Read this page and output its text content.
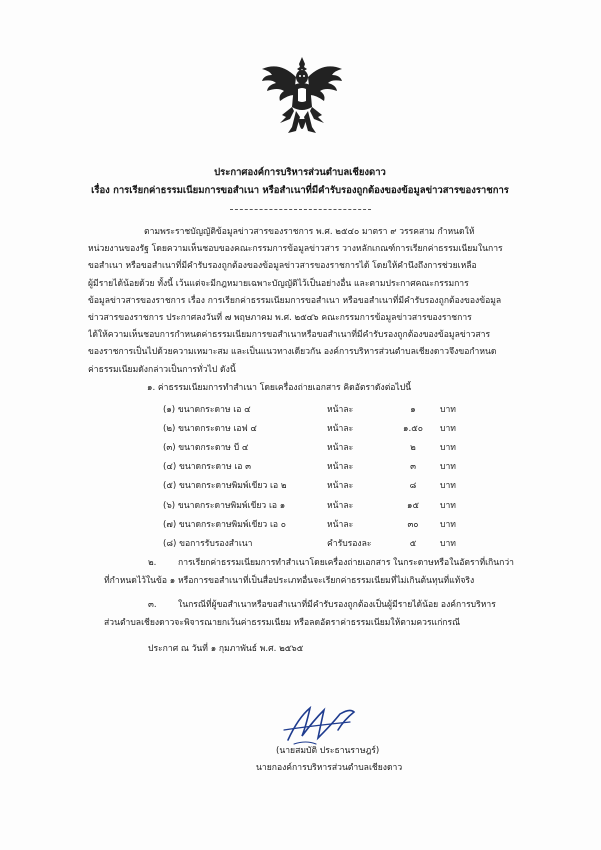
ประกาศองค์การบริหารส่วนตำบลเชียงดาว
เรื่อง การเรียกค่าธรรมเนียมการขอสำเนา หรือสำเนาที่มีคำรับรองถูกต้องของข้อมูลข่าวสารของราชการ
ตามพระราชบัญญัติข้อมูลข่าวสารของราชการ พ.ศ. ๒๕๔๐ มาตรา ๙ วรรคสาม กำหนดให้
หน่วยงานของรัฐ โดยความเห็นชอบของคณะกรรมการข้อมูลข่าวสาร วางหลักเกณฑ์การเรียกค่าธรรมเนียมในการ
ขอสำเนา หรือขอสำเนาที่มีคำรับรองถูกต้องของข้อมูลข่าวสารของราชการได้ โดยให้คำนึงถึงการช่วยเหลือ
ผู้มีรายได้น้อยด้วย ทั้งนี้ เว้นแต่จะมีกฎหมายเฉพาะบัญญัติไว้เป็นอย่างอื่น และตามประกาศคณะกรรมการ
ข้อมูลข่าวสารของราชการ เรื่อง การเรียกค่าธรรมเนียมการขอสำเนา หรือขอสำเนาที่มีคำรับรองถูกต้องของข้อมูล
ข่าวสารของราชการ ประกาศลงวันที่ ๗ พฤษภาคม พ.ศ. ๒๕๔๖ คณะกรรมการข้อมูลข่าวสารของราชการ
ได้ให้ความเห็นชอบการกำหนดค่าธรรมเนียมการขอสำเนาหรือขอสำเนาที่มีคำรับรองถูกต้องของข้อมูลข่าวสาร
ของราชการเป็นไปด้วยความเหมาะสม และเป็นแนวทางเดียวกัน องค์การบริหารส่วนตำบลเชียงดาวจึงขอกำหนด
ค่าธรรมเนียมดังกล่าวเป็นการทั่วไป ดังนี้
๑. ค่าธรรมเนียมการทำสำเนา โดยเครื่องถ่ายเอกสาร คิดอัตราดังต่อไปนี้
(๑) ขนาดกระดาษ เอ ๔	หน้าละ	๑	บาท
(๒) ขนาดกระดาษ เอฟ ๔	หน้าละ	๑.๕๐	บาท
(๓) ขนาดกระดาษ บี ๔	หน้าละ	๒	บาท
(๔) ขนาดกระดาษ เอ ๓	หน้าละ	๓	บาท
(๕) ขนาดกระดาษพิมพ์เขียว เอ ๒	หน้าละ	๘	บาท
(๖) ขนาดกระดาษพิมพ์เขียว เอ ๑	หน้าละ	๑๕	บาท
(๗) ขนาดกระดาษพิมพ์เขียว เอ ๐	หน้าละ	๓๐	บาท
(๘) ขอการรับรองสำเนา	คำรับรองละ	๕	บาท
๒.	การเรียกค่าธรรมเนียมการทำสำเนาโดยเครื่องถ่ายเอกสาร ในกระดาษหรือในอัตราที่เกินกว่า
ที่กำหนดไว้ในข้อ ๑ หรือการขอสำเนาที่เป็นสื่อประเภทอื่นจะเรียกค่าธรรมเนียมที่ไม่เกินต้นทุนที่แท้จริง
๓. ในกรณีที่ผู้ขอสำเนาหรือขอสำเนาที่มีคำรับรองถูกต้องเป็นผู้มีรายได้น้อย องค์การบริหาร
ส่วนตำบลเชียงดาวจะพิจารณายกเว้นค่าธรรมเนียม หรือลดอัตราค่าธรรมเนียมให้ตามควรแก่กรณี
ประกาศ ณ วันที่ ๑ กุมภาพันธ์ พ.ศ. ๒๕๖๕
(นายสมบัติ ประธานราษฎร์)
นายกองค์การบริหารส่วนตำบลเชียงดาว
